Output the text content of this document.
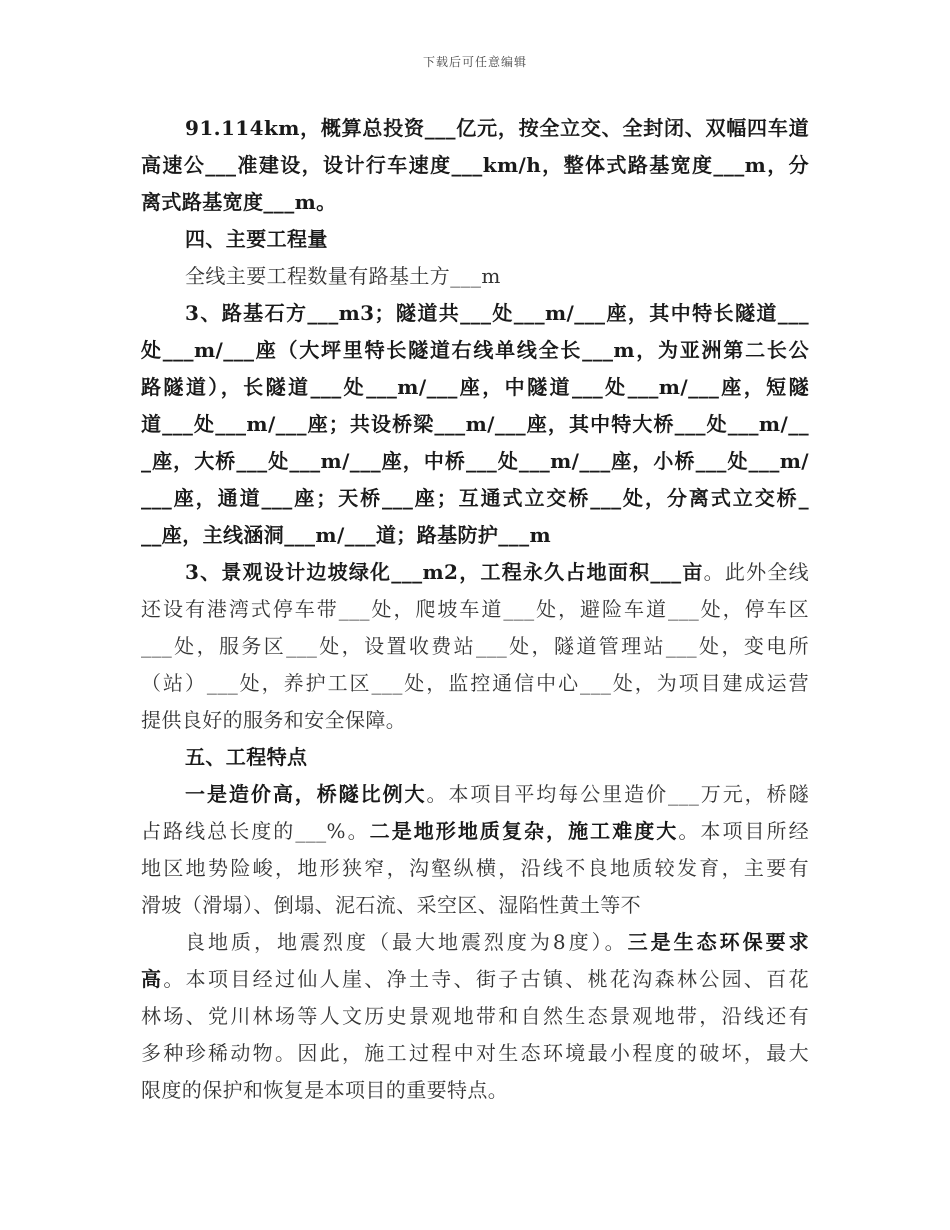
下载后可任意编辑
91.114km，概算总投资___亿元，按全立交、全封闭、双幅四车道
高速公___准建设，设计行车速度___km/h，整体式路基宽度___m，分
离式路基宽度___m。
四、主要工程量
全线主要工程数量有路基土方___m
3、路基石方___m3；隧道共___处___m/___座，其中特长隧道___
处___m/___座（大坪里特长隧道右线单线全长___m，为亚洲第二长公
路隧道），长隧道___处___m/___座，中隧道___处___m/___座，短隧
道___处___m/___座；共设桥梁___m/___座，其中特大桥___处___m/__
_座，大桥___处___m/___座，中桥___处___m/___座，小桥___处___m/
___座，通道___座；天桥___座；互通式立交桥___处，分离式立交桥_
__座，主线涵洞___m/___道；路基防护___m
3、景观设计边坡绿化___m2，工程永久占地面积___亩。此外全线
还设有港湾式停车带___处，爬坡车道___处，避险车道___处，停车区
___处，服务区___处，设置收费站___处，隧道管理站___处，变电所
（站）___处，养护工区___处，监控通信中心___处，为项目建成运营
提供良好的服务和安全保障。
五、工程特点
一是造价高，桥隧比例大。本项目平均每公里造价___万元，桥隧
占路线总长度的___%。二是地形地质复杂，施工难度大。本项目所经
地区地势险峻，地形狭窄，沟壑纵横，沿线不良地质较发育，主要有
滑坡（滑塌）、倒塌、泥石流、采空区、湿陷性黄土等不
良地质，地震烈度（最大地震烈度为8度）。三是生态环保要求
高。本项目经过仙人崖、净土寺、街子古镇、桃花沟森林公园、百花
林场、党川林场等人文历史景观地带和自然生态景观地带，沿线还有
多种珍稀动物。因此，施工过程中对生态环境最小程度的破坏，最大
限度的保护和恢复是本项目的重要特点。
